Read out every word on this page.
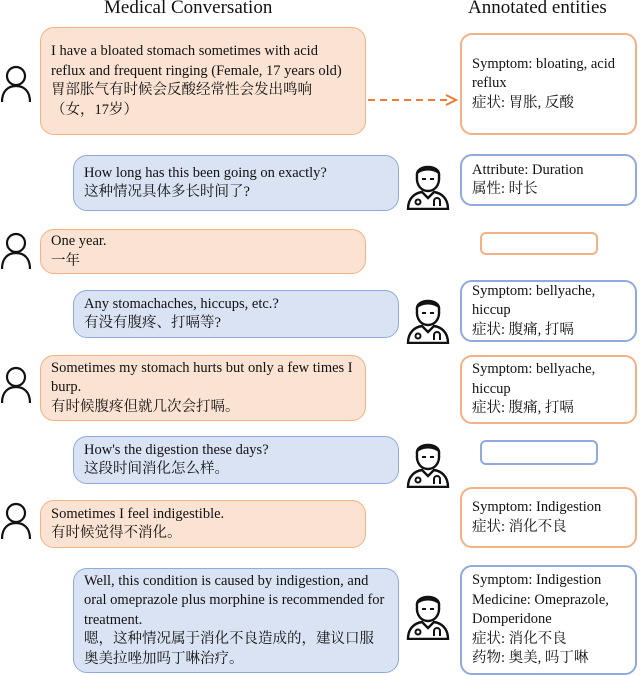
Medical Conversation	Annotated entities
I have a bloated stomach sometimes with acid reflux and frequent ringing (Female, 17 years old)
胃部胀气有时候会反酸经常性会发出鸣响（女，17岁）
Symptom: bloating, acid reflux
症状: 胃胀, 反酸
How long has this been going on exactly?
这种情况具体多长时间了?
Attribute: Duration
属性: 时长
One year.
一年
Any stomachaches, hiccups, etc.?
有没有腹疼、打嗝等?
Symptom: bellyache, hiccup
症状: 腹痛, 打嗝
Sometimes my stomach hurts but only a few times I burp.
有时候腹疼但就几次会打嗝。
Symptom: bellyache, hiccup
症状: 腹痛, 打嗝
How's the digestion these days?
这段时间消化怎么样。
Sometimes I feel indigestible.
有时候觉得不消化。
Symptom: Indigestion
症状: 消化不良
Well, this condition is caused by indigestion, and oral omeprazole plus morphine is recommended for treatment.
嗯，这种情况属于消化不良造成的，建议口服奥美拉唑加吗丁啉治疗。
Symptom: Indigestion
Medicine: Omeprazole, Domperidone
症状: 消化不良
药物: 奥美, 吗丁啉
